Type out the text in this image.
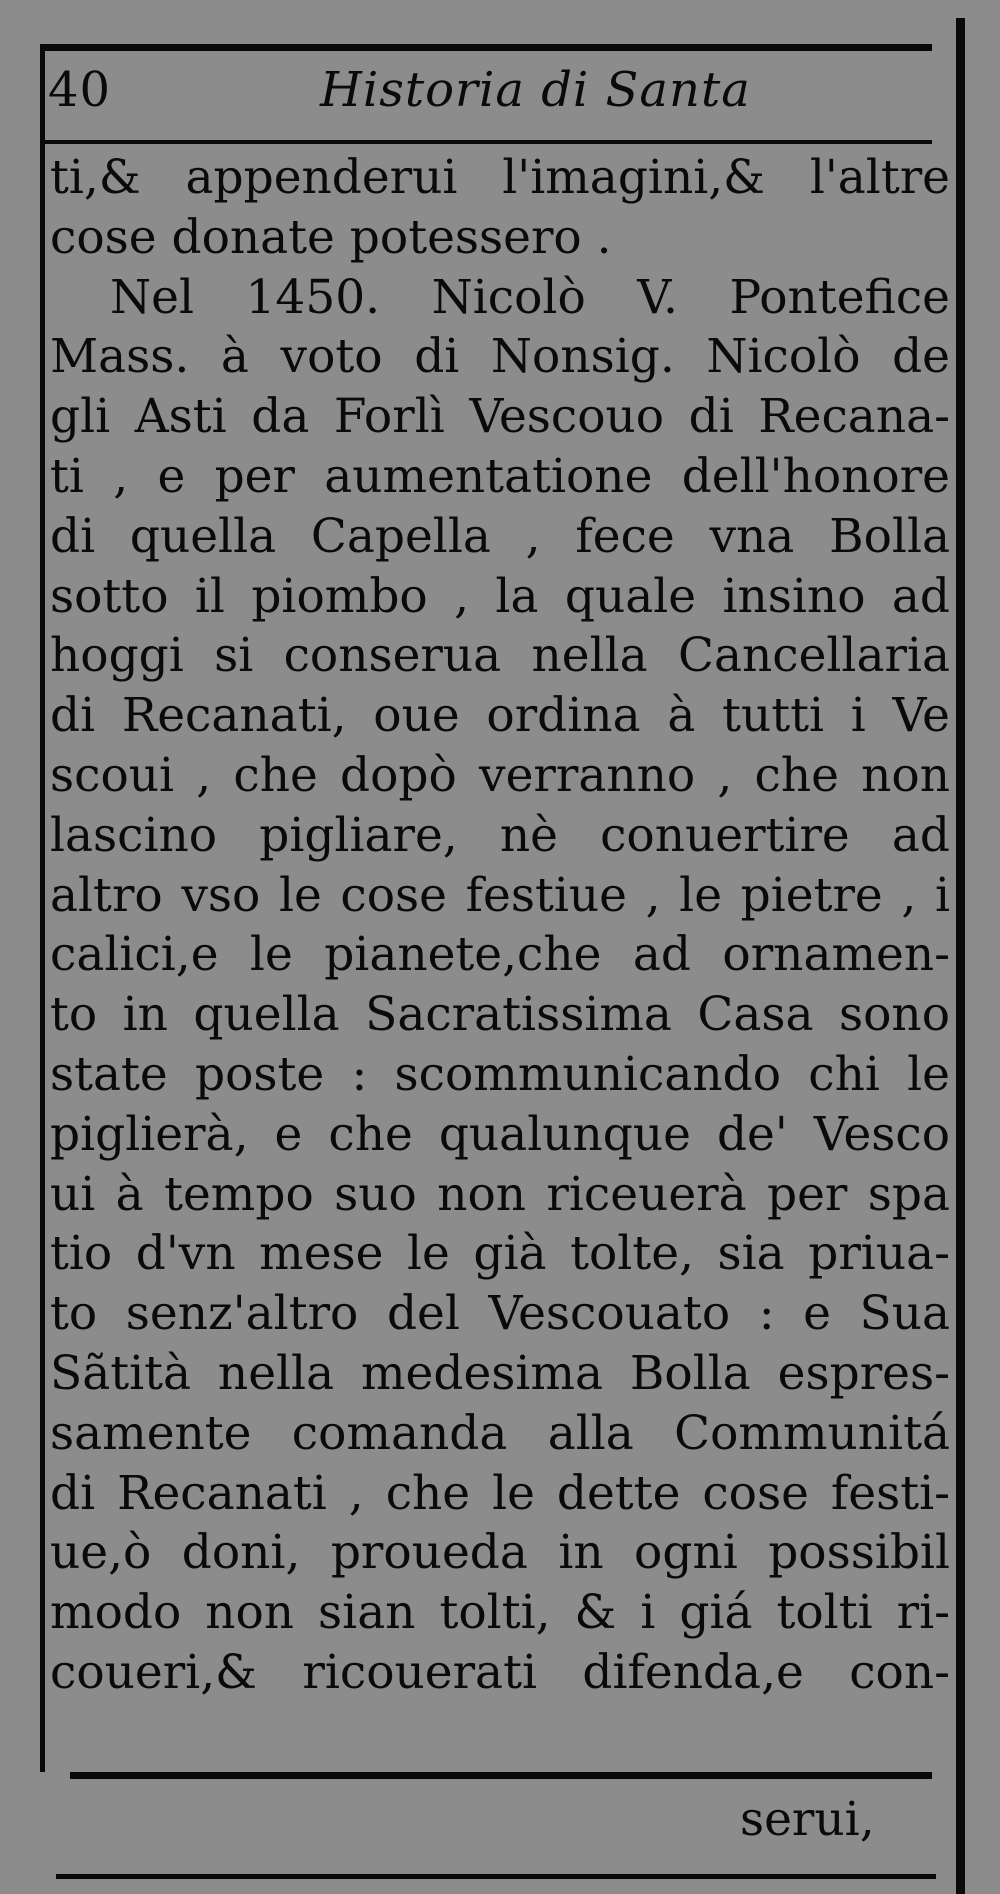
40	Historia di Santa
ti,& appenderui l'imagini,& l'altre
cose donate potessero .
Nel 1450. Nicolò V. Pontefice
Mass. à voto di Nonsig. Nicolò de
gli Asti da Forlì Vescouo di Recana-
ti , e per aumentatione dell'honore
di quella Capella , fece vna Bolla
sotto il piombo , la quale insino ad
hoggi si conserua nella Cancellaria
di Recanati, oue ordina à tutti i Ve
scoui , che dopò verranno , che non
lascino pigliare, nè conuertire ad
altro vso le cose festiue , le pietre , i
calici,e le pianete,che ad ornamen-
to in quella Sacratissima Casa sono
state poste : scommunicando chi le
piglierà, e che qualunque de' Vesco
ui à tempo suo non riceuerà per spa
tio d'vn mese le già tolte, sia priua-
to senz'altro del Vescouato : e Sua
Sãtità nella medesima Bolla espres-
samente comanda alla Communitá
di Recanati , che le dette cose festi-
ue,ò doni, proueda in ogni possibil
modo non sian tolti, & i giá tolti ri-
coueri,& ricouerati difenda,e con-
serui,
